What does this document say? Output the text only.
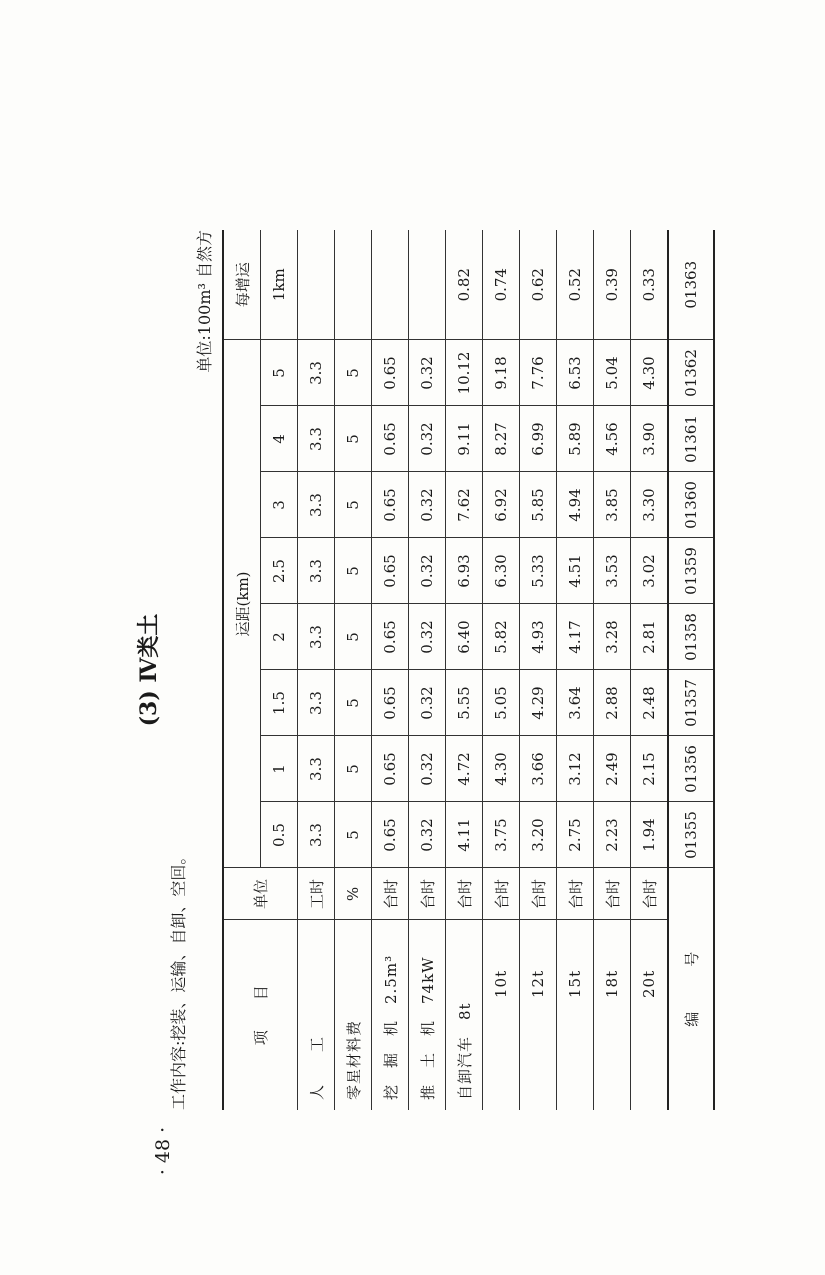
· 48 ·
(3) Ⅳ类土
工作内容:挖装、运输、自卸、空回。
单位:100m³ 自然方
项　　目	单位	运距(km)								每增运
		0.5	1	1.5	2	2.5	3	4	5	1km
人　　工	工时	3.3	3.3	3.3	3.3	3.3	3.3	3.3	3.3	
零星材料费	%	5	5	5	5	5	5	5	5	
挖　掘　机　2.5m³	台时	0.65	0.65	0.65	0.65	0.65	0.65	0.65	0.65	
推　土　机　74kW	台时	0.32	0.32	0.32	0.32	0.32	0.32	0.32	0.32	
自卸汽车　8t	台时	4.11	4.72	5.55	6.40	6.93	7.62	9.11	10.12	0.82
10t	台时	3.75	4.30	5.05	5.82	6.30	6.92	8.27	9.18	0.74
12t	台时	3.20	3.66	4.29	4.93	5.33	5.85	6.99	7.76	0.62
15t	台时	2.75	3.12	3.64	4.17	4.51	4.94	5.89	6.53	0.52
18t	台时	2.23	2.49	2.88	3.28	3.53	3.85	4.56	5.04	0.39
20t	台时	1.94	2.15	2.48	2.81	3.02	3.30	3.90	4.30	0.33
编　　　号		01355	01356	01357	01358	01359	01360	01361	01362	01363
